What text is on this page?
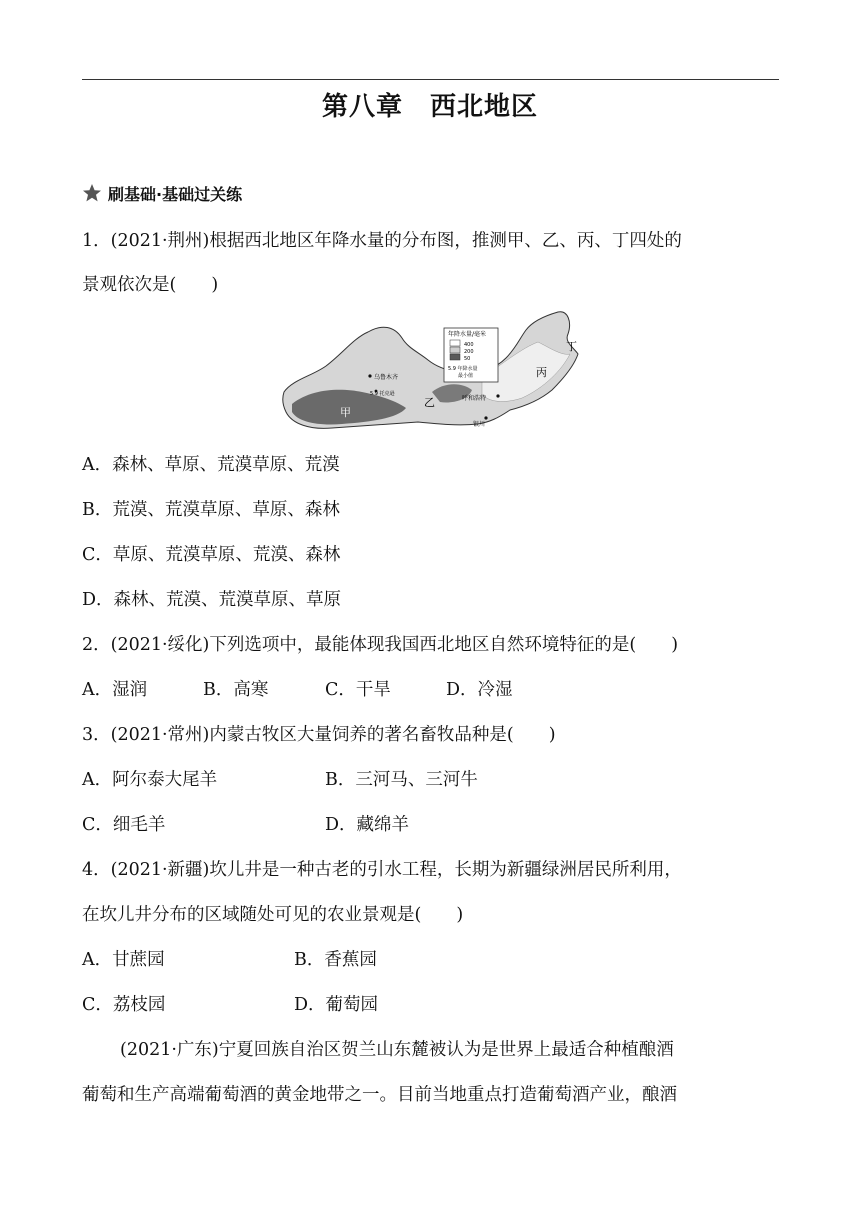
第八章　西北地区
刷基础·基础过关练
1．(2021·荆州)根据西北地区年降水量的分布图，推测甲、乙、丙、丁四处的
景观依次是(　　)
年降水量/毫米
400
200
50
5.9 年降水量
最小值
乌鲁木齐
5.9 托克逊
呼和浩特
银川
甲
乙
丙
丁
A．森林、草原、荒漠草原、荒漠
B．荒漠、荒漠草原、草原、森林
C．草原、荒漠草原、荒漠、森林
D．森林、荒漠、荒漠草原、草原
2．(2021·绥化)下列选项中，最能体现我国西北地区自然环境特征的是(　　)
A．湿润	B．高寒	C．干旱	D．冷湿
3．(2021·常州)内蒙古牧区大量饲养的著名畜牧品种是(　　)
A．阿尔泰大尾羊	B．三河马、三河牛
C．细毛羊	D．藏绵羊
4．(2021·新疆)坎儿井是一种古老的引水工程，长期为新疆绿洲居民所利用，
在坎儿井分布的区域随处可见的农业景观是(　　)
A．甘蔗园	B．香蕉园
C．荔枝园	D．葡萄园
(2021·广东)宁夏回族自治区贺兰山东麓被认为是世界上最适合种植酿酒
葡萄和生产高端葡萄酒的黄金地带之一。目前当地重点打造葡萄酒产业，酿酒
